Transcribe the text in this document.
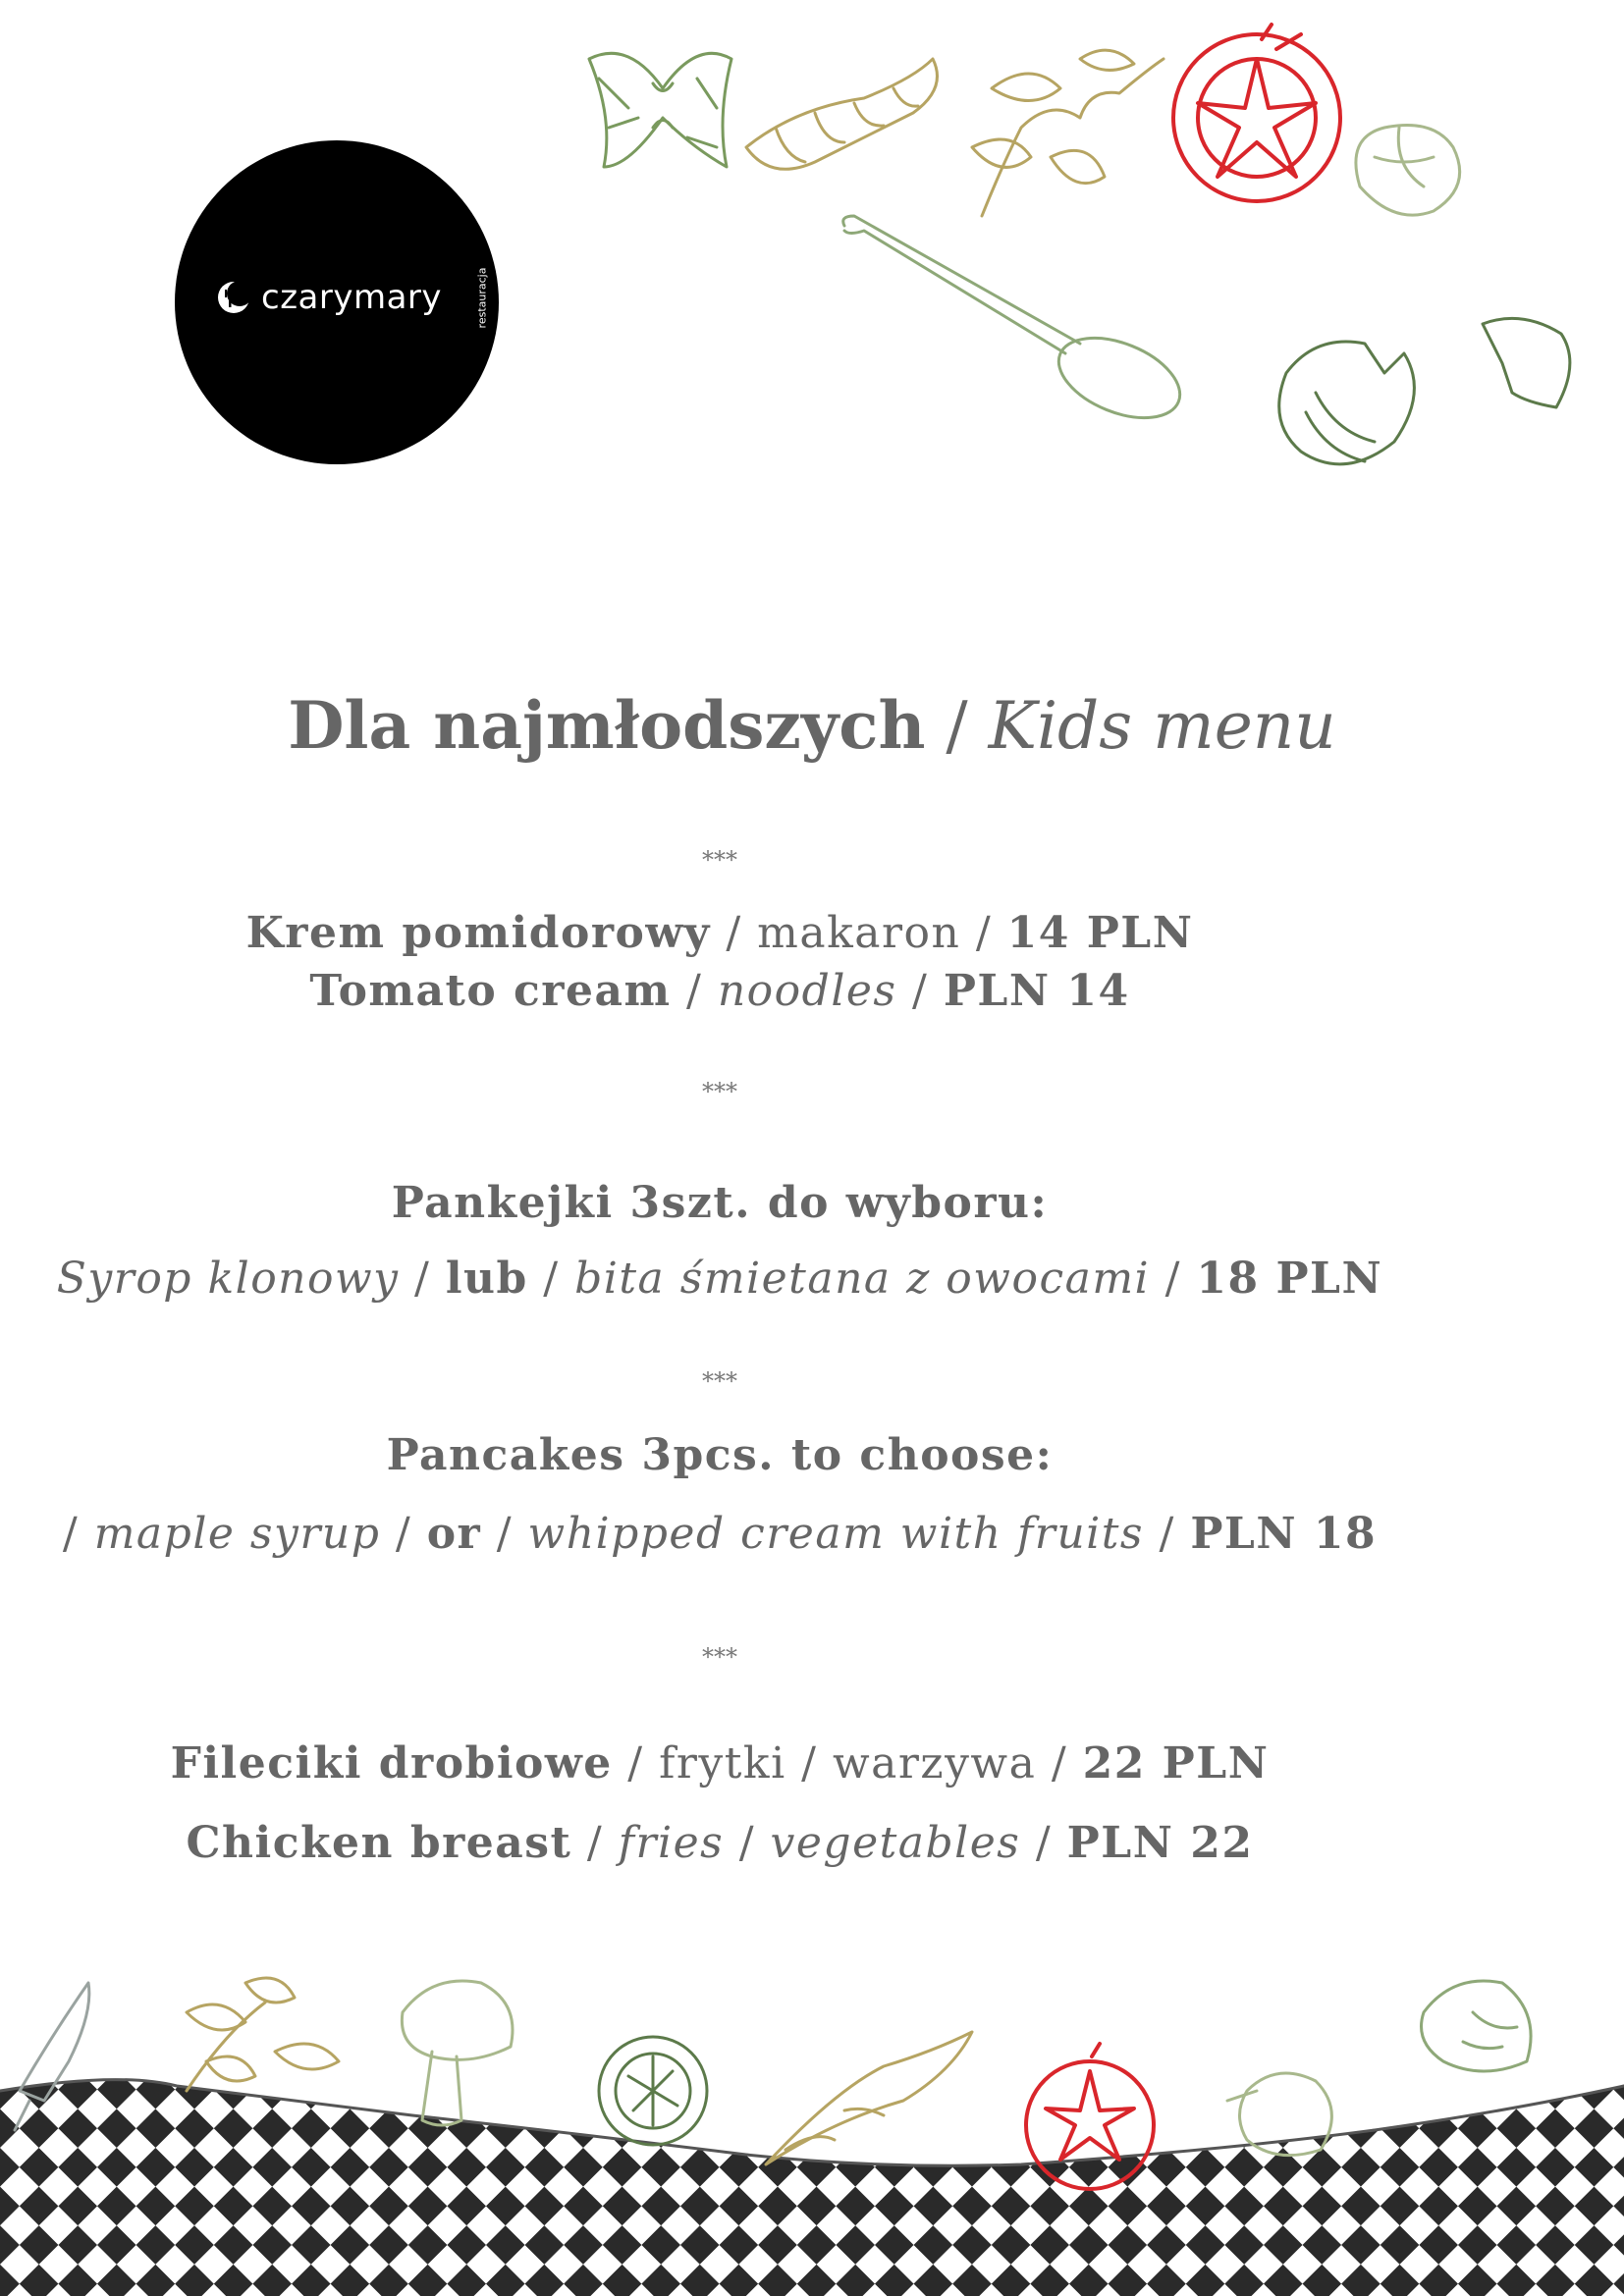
czarymary	restauracja
Dla najmłodszych / Kids menu
***
Krem pomidorowy / makaron / 14 PLN
Tomato cream / noodles / PLN 14
***
Pankejki 3szt. do wyboru:
Syrop klonowy / lub / bita śmietana z owocami / 18 PLN
***
Pancakes 3pcs. to choose:
/ maple syrup / or / whipped cream with fruits / PLN 18
***
Fileciki drobiowe / frytki / warzywa / 22 PLN
Chicken breast / fries / vegetables / PLN 22
